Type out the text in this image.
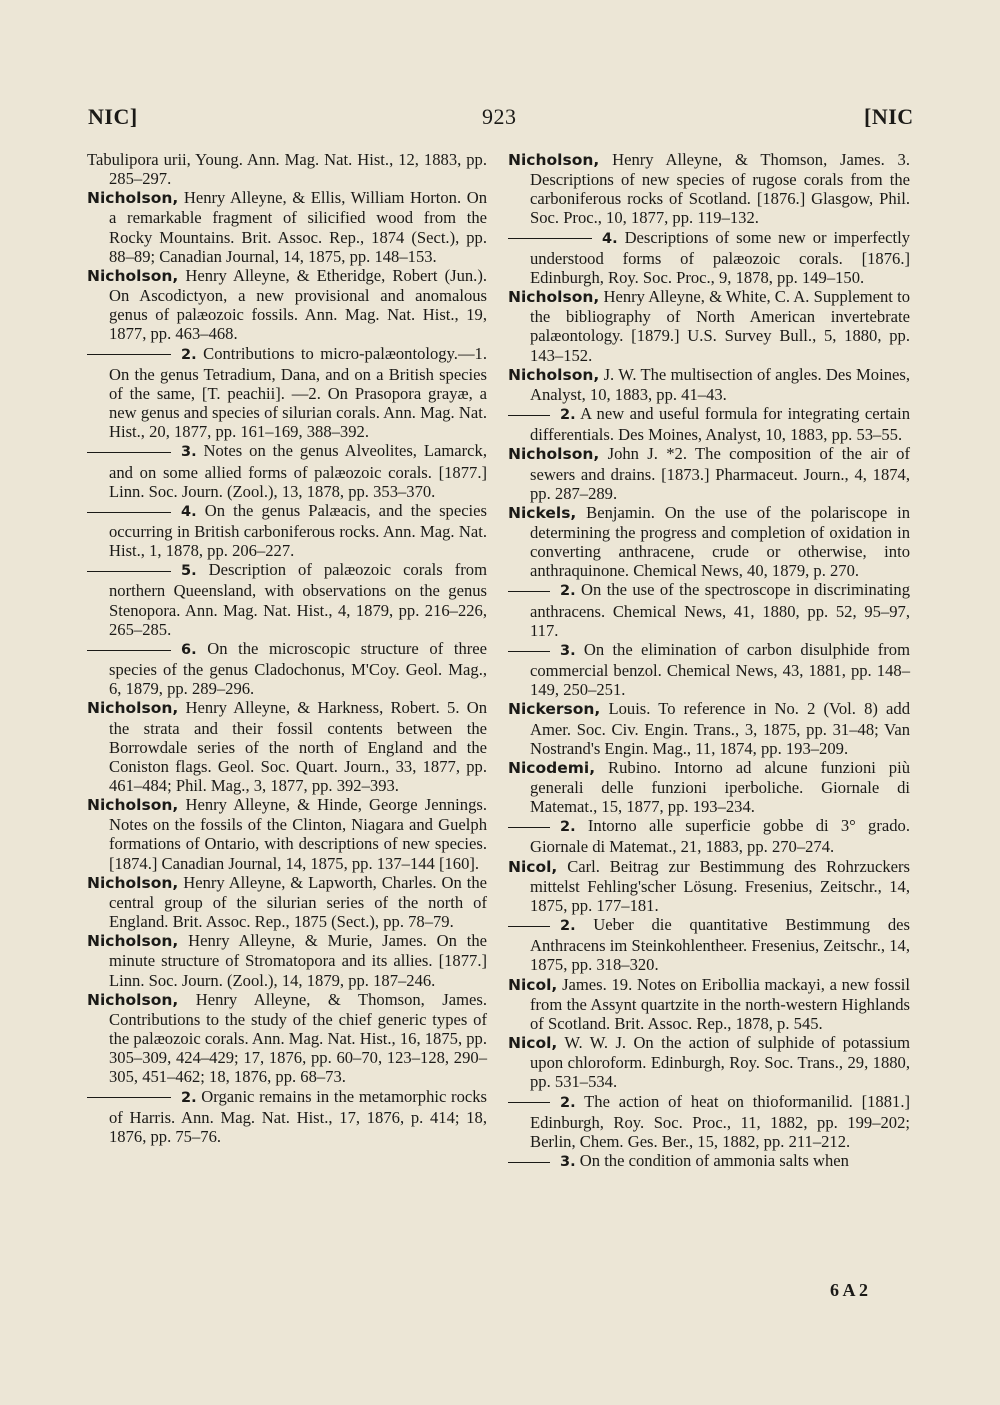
NIC]	923	[NIC
Tabulipora urii, Young. Ann. Mag. Nat. Hist., 12, 1883, pp. 285–297.
Nicholson, Henry Alleyne, & Ellis, William Horton. On a remarkable fragment of silicified wood from the Rocky Mountains. Brit. Assoc. Rep., 1874 (Sect.), pp. 88–89; Canadian Journal, 14, 1875, pp. 148–153.
Nicholson, Henry Alleyne, & Etheridge, Robert (Jun.). On Ascodictyon, a new provisional and anomalous genus of palæozoic fossils. Ann. Mag. Nat. Hist., 19, 1877, pp. 463–468.
2. Contributions to micro-palæontology.—1. On the genus Tetradium, Dana, and on a British species of the same, [T. peachii]. —2. On Prasopora grayæ, a new genus and species of silurian corals. Ann. Mag. Nat. Hist., 20, 1877, pp. 161–169, 388–392.
3. Notes on the genus Alveolites, Lamarck, and on some allied forms of palæozoic corals. [1877.] Linn. Soc. Journ. (Zool.), 13, 1878, pp. 353–370.
4. On the genus Palæacis, and the species occurring in British carboniferous rocks. Ann. Mag. Nat. Hist., 1, 1878, pp. 206–227.
5. Description of palæozoic corals from northern Queensland, with observations on the genus Stenopora. Ann. Mag. Nat. Hist., 4, 1879, pp. 216–226, 265–285.
6. On the microscopic structure of three species of the genus Cladochonus, M'Coy. Geol. Mag., 6, 1879, pp. 289–296.
Nicholson, Henry Alleyne, & Harkness, Robert. 5. On the strata and their fossil contents between the Borrowdale series of the north of England and the Coniston flags. Geol. Soc. Quart. Journ., 33, 1877, pp. 461–484; Phil. Mag., 3, 1877, pp. 392–393.
Nicholson, Henry Alleyne, & Hinde, George Jennings. Notes on the fossils of the Clinton, Niagara and Guelph formations of Ontario, with descriptions of new species. [1874.] Canadian Journal, 14, 1875, pp. 137–144 [160].
Nicholson, Henry Alleyne, & Lapworth, Charles. On the central group of the silurian series of the north of England. Brit. Assoc. Rep., 1875 (Sect.), pp. 78–79.
Nicholson, Henry Alleyne, & Murie, James. On the minute structure of Stromatopora and its allies. [1877.] Linn. Soc. Journ. (Zool.), 14, 1879, pp. 187–246.
Nicholson, Henry Alleyne, & Thomson, James. Contributions to the study of the chief generic types of the palæozoic corals. Ann. Mag. Nat. Hist., 16, 1875, pp. 305–309, 424–429; 17, 1876, pp. 60–70, 123–128, 290–305, 451–462; 18, 1876, pp. 68–73.
2. Organic remains in the metamorphic rocks of Harris. Ann. Mag. Nat. Hist., 17, 1876, p. 414; 18, 1876, pp. 75–76.
Nicholson, Henry Alleyne, & Thomson, James. 3. Descriptions of new species of rugose corals from the carboniferous rocks of Scotland. [1876.] Glasgow, Phil. Soc. Proc., 10, 1877, pp. 119–132.
4. Descriptions of some new or imperfectly understood forms of palæozoic corals. [1876.] Edinburgh, Roy. Soc. Proc., 9, 1878, pp. 149–150.
Nicholson, Henry Alleyne, & White, C. A. Supplement to the bibliography of North American invertebrate palæontology. [1879.] U.S. Survey Bull., 5, 1880, pp. 143–152.
Nicholson, J. W. The multisection of angles. Des Moines, Analyst, 10, 1883, pp. 41–43.
2. A new and useful formula for integrating certain differentials. Des Moines, Analyst, 10, 1883, pp. 53–55.
Nicholson, John J. *2. The composition of the air of sewers and drains. [1873.] Pharmaceut. Journ., 4, 1874, pp. 287–289.
Nickels, Benjamin. On the use of the polariscope in determining the progress and completion of oxidation in converting anthracene, crude or otherwise, into anthraquinone. Chemical News, 40, 1879, p. 270.
2. On the use of the spectroscope in discriminating anthracens. Chemical News, 41, 1880, pp. 52, 95–97, 117.
3. On the elimination of carbon disulphide from commercial benzol. Chemical News, 43, 1881, pp. 148–149, 250–251.
Nickerson, Louis. To reference in No. 2 (Vol. 8) add Amer. Soc. Civ. Engin. Trans., 3, 1875, pp. 31–48; Van Nostrand's Engin. Mag., 11, 1874, pp. 193–209.
Nicodemi, Rubino. Intorno ad alcune funzioni più generali delle funzioni iperboliche. Giornale di Matemat., 15, 1877, pp. 193–234.
2. Intorno alle superficie gobbe di 3° grado. Giornale di Matemat., 21, 1883, pp. 270–274.
Nicol, Carl. Beitrag zur Bestimmung des Rohrzuckers mittelst Fehling'scher Lösung. Fresenius, Zeitschr., 14, 1875, pp. 177–181.
2. Ueber die quantitative Bestimmung des Anthracens im Steinkohlentheer. Fresenius, Zeitschr., 14, 1875, pp. 318–320.
Nicol, James. 19. Notes on Eribollia mackayi, a new fossil from the Assynt quartzite in the north-western Highlands of Scotland. Brit. Assoc. Rep., 1878, p. 545.
Nicol, W. W. J. On the action of sulphide of potassium upon chloroform. Edinburgh, Roy. Soc. Trans., 29, 1880, pp. 531–534.
2. The action of heat on thioformanilid. [1881.] Edinburgh, Roy. Soc. Proc., 11, 1882, pp. 199–202; Berlin, Chem. Ges. Ber., 15, 1882, pp. 211–212.
3. On the condition of ammonia salts when
6 A 2
